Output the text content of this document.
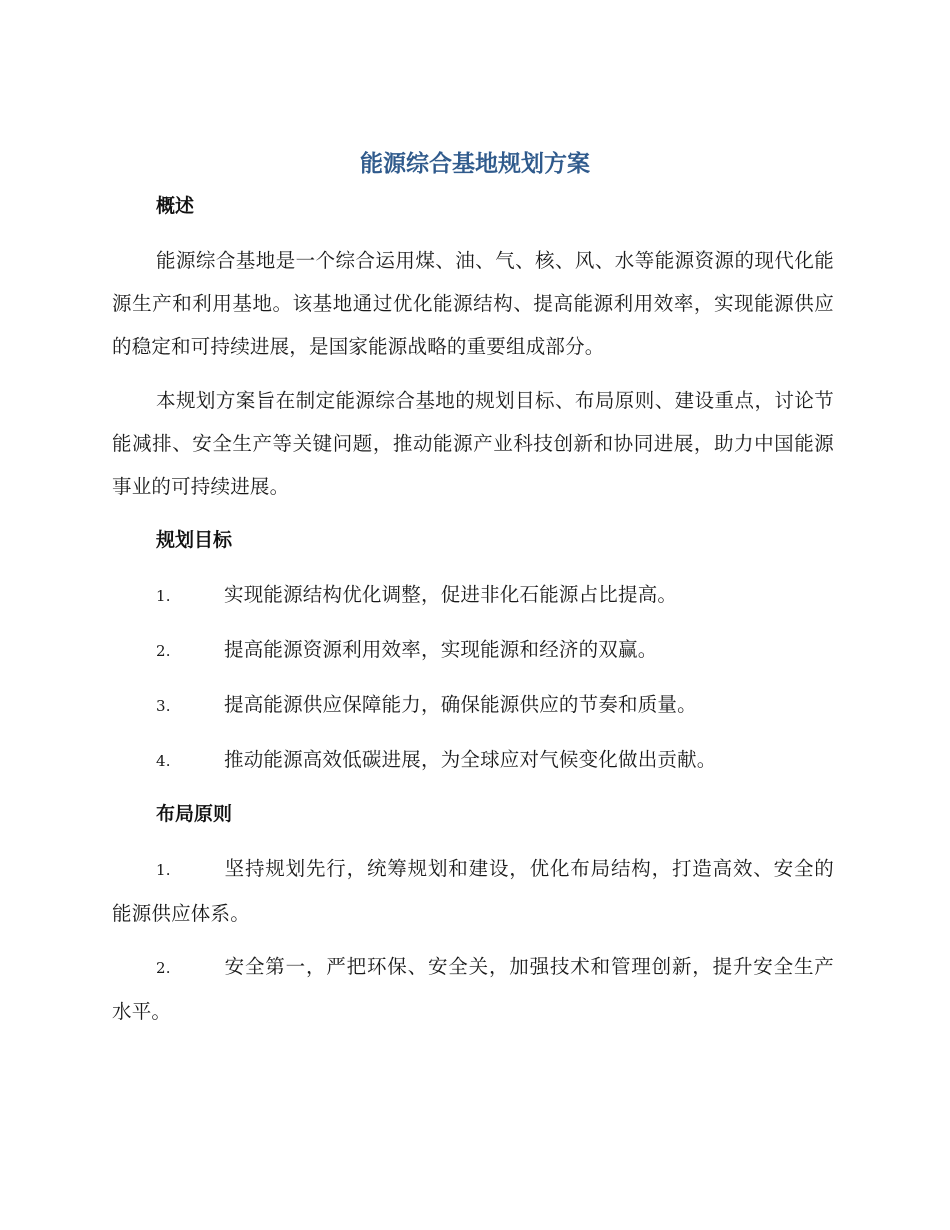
能源综合基地规划方案
概述

能源综合基地是一个综合运用煤、油、气、核、风、水等能源资源的现代化能源生产和利用基地。该基地通过优化能源结构、提高能源利用效率，实现能源供应的稳定和可持续进展，是国家能源战略的重要组成部分。

本规划方案旨在制定能源综合基地的规划目标、布局原则、建设重点，讨论节能减排、安全生产等关键问题，推动能源产业科技创新和协同进展，助力中国能源事业的可持续进展。

规划目标

1.	实现能源结构优化调整，促进非化石能源占比提高。

2.	提高能源资源利用效率，实现能源和经济的双赢。

3.	提高能源供应保障能力，确保能源供应的节奏和质量。

4.	推动能源高效低碳进展，为全球应对气候变化做出贡献。

布局原则

1.	坚持规划先行，统筹规划和建设，优化布局结构，打造高效、安全的能源供应体系。

2.	安全第一，严把环保、安全关，加强技术和管理创新，提升安全生产水平。
